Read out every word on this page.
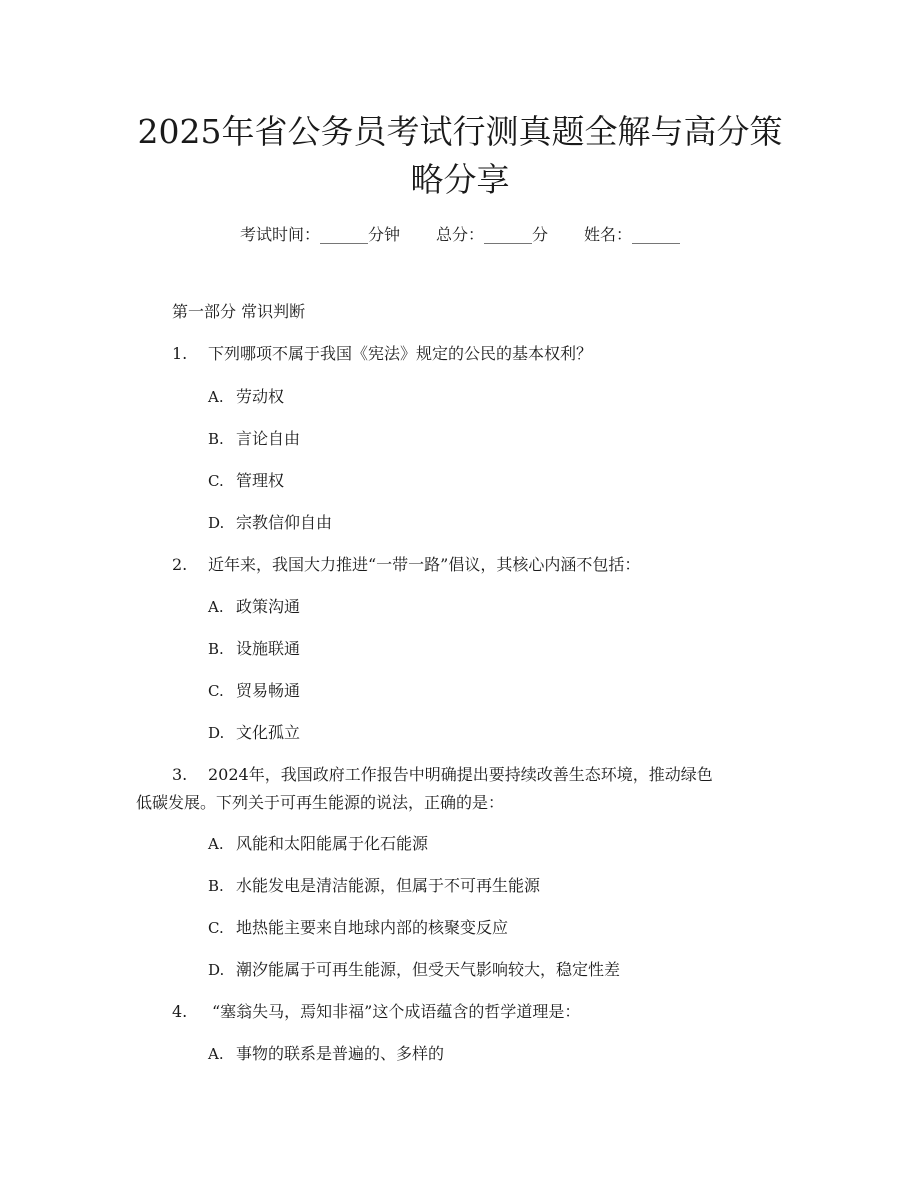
2025年省公务员考试行测真题全解与高分策
略分享
考试时间：______分钟 总分：______分 姓名：______
第一部分 常识判断
1. 下列哪项不属于我国《宪法》规定的公民的基本权利？
A. 劳动权
B. 言论自由
C. 管理权
D. 宗教信仰自由
2. 近年来，我国大力推进“一带一路”倡议，其核心内涵不包括：
A. 政策沟通
B. 设施联通
C. 贸易畅通
D. 文化孤立
3. 2024年，我国政府工作报告中明确提出要持续改善生态环境，推动绿色
低碳发展。下列关于可再生能源的说法，正确的是：
A. 风能和太阳能属于化石能源
B. 水能发电是清洁能源，但属于不可再生能源
C. 地热能主要来自地球内部的核聚变反应
D. 潮汐能属于可再生能源，但受天气影响较大，稳定性差
4. “塞翁失马，焉知非福”这个成语蕴含的哲学道理是：
A. 事物的联系是普遍的、多样的
